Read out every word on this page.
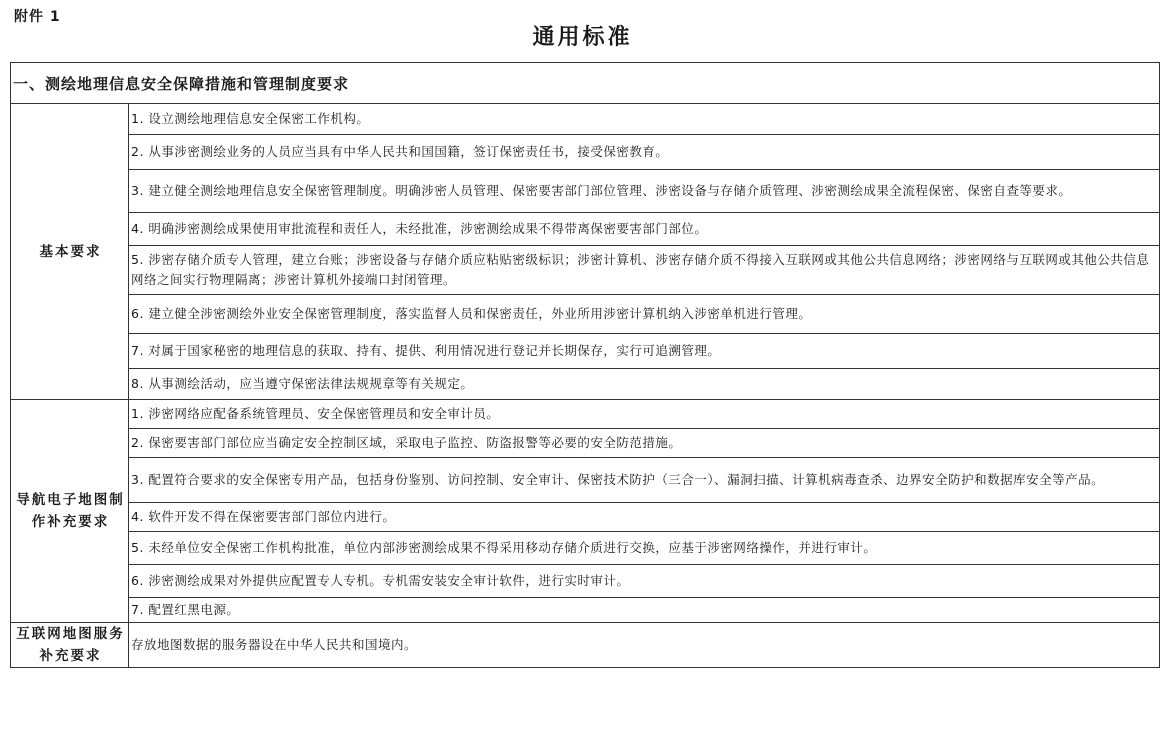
附件 1
通用标准
一、测绘地理信息安全保障措施和管理制度要求	
基本要求	1. 设立测绘地理信息安全保密工作机构。
	2. 从事涉密测绘业务的人员应当具有中华人民共和国国籍，签订保密责任书，接受保密教育。
	3. 建立健全测绘地理信息安全保密管理制度。明确涉密人员管理、保密要害部门部位管理、涉密设备与存储介质管理、涉密测绘成果全流程保密、保密自查等要求。
	4. 明确涉密测绘成果使用审批流程和责任人，未经批准，涉密测绘成果不得带离保密要害部门部位。
	5. 涉密存储介质专人管理，建立台账；涉密设备与存储介质应粘贴密级标识；涉密计算机、涉密存储介质不得接入互联网或其他公共信息网络；涉密网络与互联网或其他公共信息网络之间实行物理隔离；涉密计算机外接端口封闭管理。
	6. 建立健全涉密测绘外业安全保密管理制度，落实监督人员和保密责任，外业所用涉密计算机纳入涉密单机进行管理。
	7. 对属于国家秘密的地理信息的获取、持有、提供、利用情况进行登记并长期保存，实行可追溯管理。
	8. 从事测绘活动，应当遵守保密法律法规规章等有关规定。
导航电子地图制作补充要求	1. 涉密网络应配备系统管理员、安全保密管理员和安全审计员。
	2. 保密要害部门部位应当确定安全控制区域，采取电子监控、防盗报警等必要的安全防范措施。
	3. 配置符合要求的安全保密专用产品，包括身份鉴别、访问控制、安全审计、保密技术防护（三合一）、漏洞扫描、计算机病毒查杀、边界安全防护和数据库安全等产品。
	4. 软件开发不得在保密要害部门部位内进行。
	5. 未经单位安全保密工作机构批准，单位内部涉密测绘成果不得采用移动存储介质进行交换，应基于涉密网络操作，并进行审计。
	6. 涉密测绘成果对外提供应配置专人专机。专机需安装安全审计软件，进行实时审计。
	7. 配置红黑电源。
互联网地图服务补充要求	存放地图数据的服务器设在中华人民共和国境内。
